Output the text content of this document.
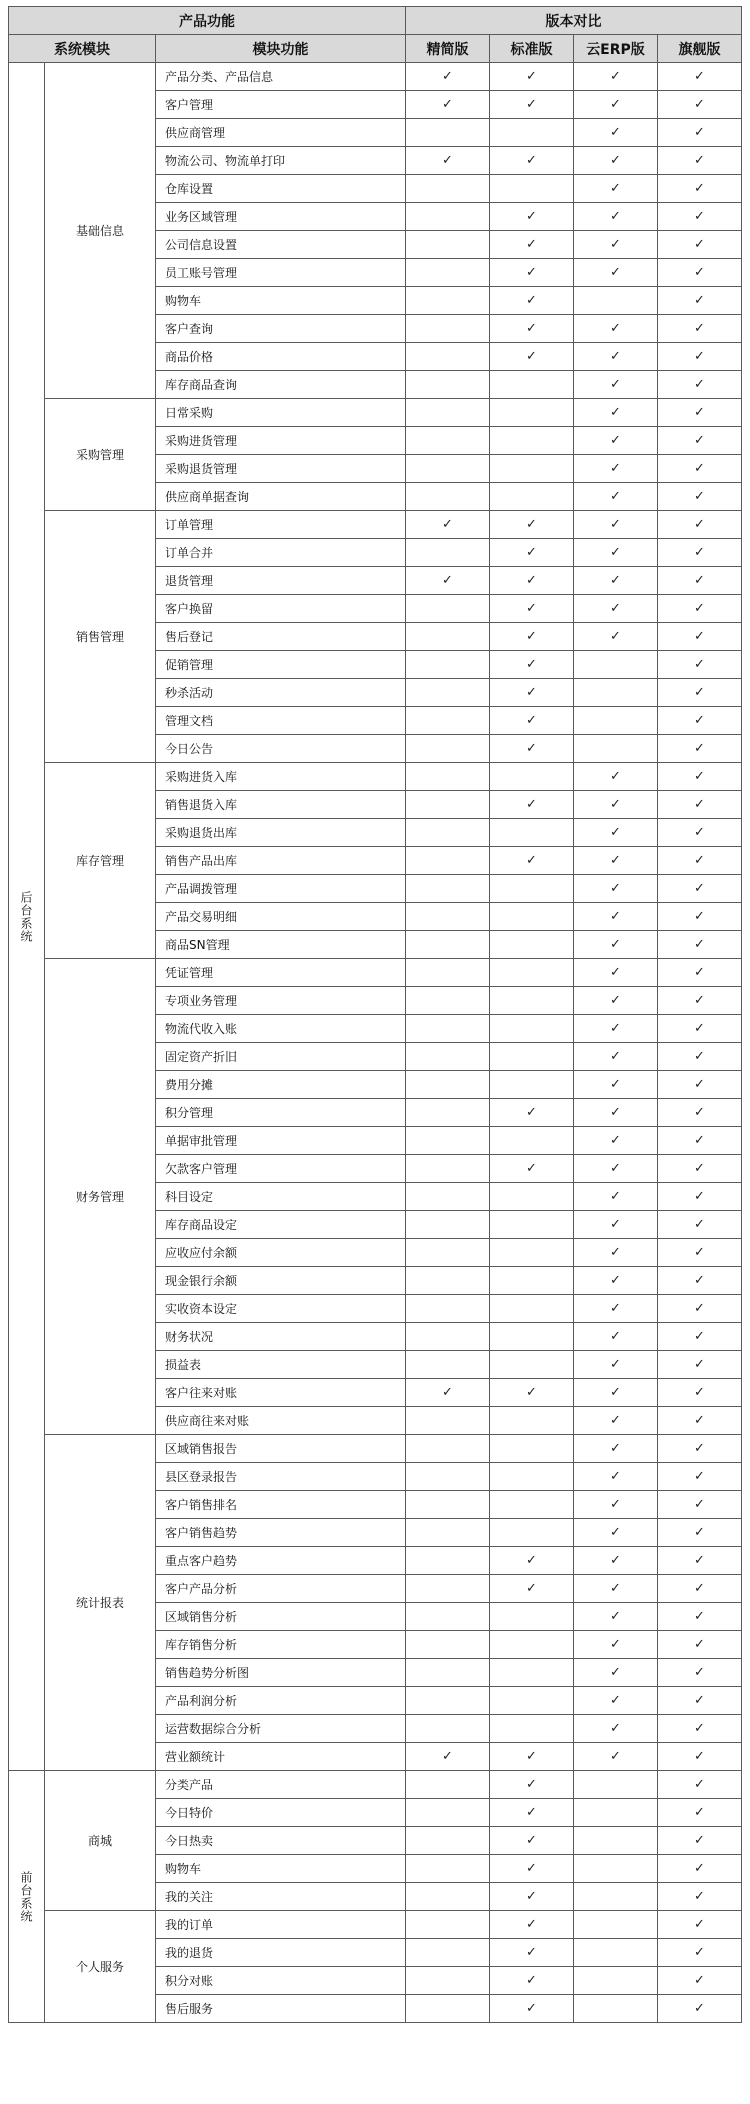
产品功能			版本对比			
系统模块		模块功能	精简版	标准版	云ERP版	旗舰版
后台系统	基础信息	产品分类、产品信息	✓	✓	✓	✓
		客户管理	✓	✓	✓	✓
		供应商管理			✓	✓
		物流公司、物流单打印	✓	✓	✓	✓
		仓库设置			✓	✓
		业务区域管理		✓	✓	✓
		公司信息设置		✓	✓	✓
		员工账号管理		✓	✓	✓
		购物车		✓		✓
		客户查询		✓	✓	✓
		商品价格		✓	✓	✓
		库存商品查询			✓	✓
	采购管理	日常采购			✓	✓
		采购进货管理			✓	✓
		采购退货管理			✓	✓
		供应商单据查询			✓	✓
	销售管理	订单管理	✓	✓	✓	✓
		订单合并		✓	✓	✓
		退货管理	✓	✓	✓	✓
		客户换留		✓	✓	✓
		售后登记		✓	✓	✓
		促销管理		✓		✓
		秒杀活动		✓		✓
		管理文档		✓		✓
		今日公告		✓		✓
	库存管理	采购进货入库			✓	✓
		销售退货入库		✓	✓	✓
		采购退货出库			✓	✓
		销售产品出库		✓	✓	✓
		产品调拨管理			✓	✓
		产品交易明细			✓	✓
		商品SN管理			✓	✓
	财务管理	凭证管理			✓	✓
		专项业务管理			✓	✓
		物流代收入账			✓	✓
		固定资产折旧			✓	✓
		费用分摊			✓	✓
		积分管理		✓	✓	✓
		单据审批管理			✓	✓
		欠款客户管理		✓	✓	✓
		科目设定			✓	✓
		库存商品设定			✓	✓
		应收应付余额			✓	✓
		现金银行余额			✓	✓
		实收资本设定			✓	✓
		财务状况			✓	✓
		损益表			✓	✓
		客户往来对账	✓	✓	✓	✓
		供应商往来对账			✓	✓
	统计报表	区域销售报告			✓	✓
		县区登录报告			✓	✓
		客户销售排名			✓	✓
		客户销售趋势			✓	✓
		重点客户趋势		✓	✓	✓
		客户产品分析		✓	✓	✓
		区域销售分析			✓	✓
		库存销售分析			✓	✓
		销售趋势分析图			✓	✓
		产品利润分析			✓	✓
		运营数据综合分析			✓	✓
		营业额统计	✓	✓	✓	✓
前台系统	商城	分类产品		✓		✓
		今日特价		✓		✓
		今日热卖		✓		✓
		购物车		✓		✓
		我的关注		✓		✓
	个人服务	我的订单		✓		✓
		我的退货		✓		✓
		积分对账		✓		✓
		售后服务		✓		✓
